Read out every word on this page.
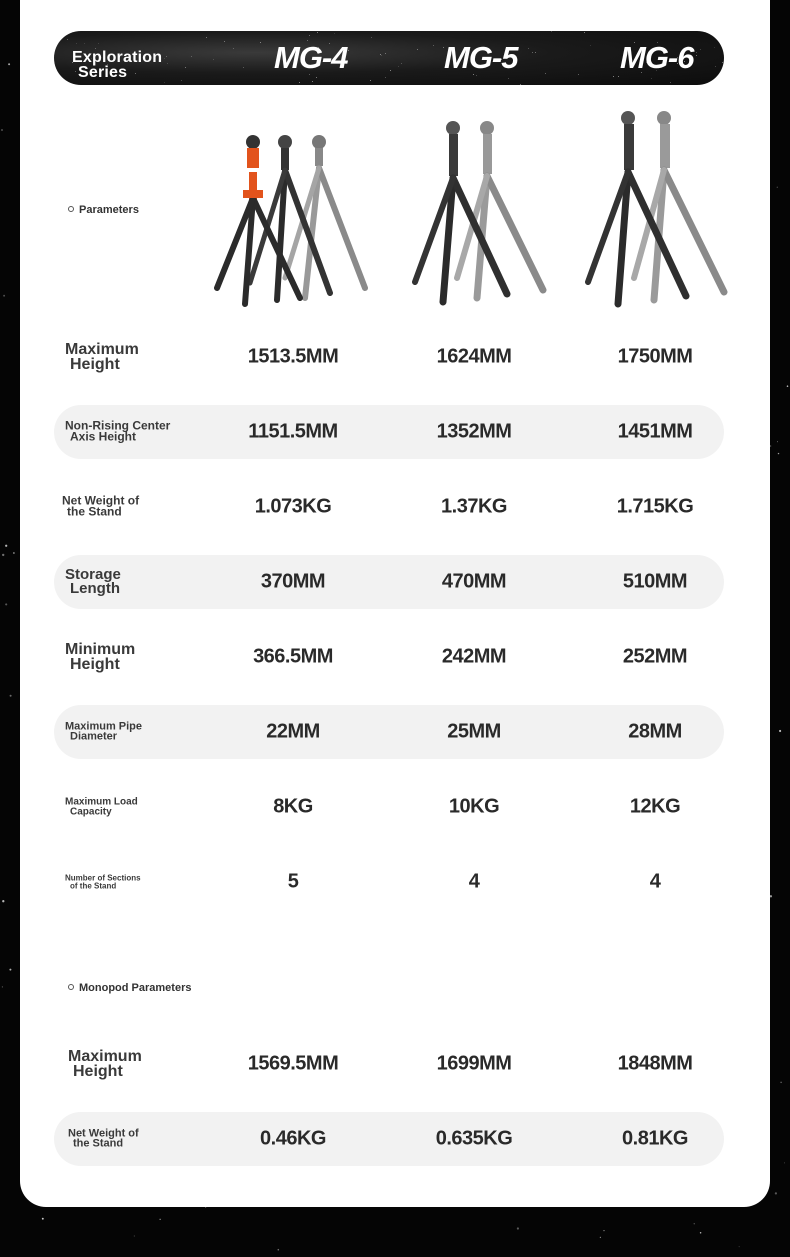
Exploration
Series	MG-4	MG-5	MG-6
Parameters
Maximum
Height	1513.5MM	1624MM	1750MM
Non-Rising Center
Axis Height	1151.5MM	1352MM	1451MM
Net Weight of
the Stand	1.073KG	1.37KG	1.715KG
Storage
Length	370MM	470MM	510MM
Minimum
Height	366.5MM	242MM	252MM
Maximum Pipe
Diameter	22MM	25MM	28MM
Maximum Load
Capacity	8KG	10KG	12KG
Number of Sections
of the Stand	5	4	4
Monopod Parameters
Maximum
Height	1569.5MM	1699MM	1848MM
Net Weight of
the Stand	0.46KG	0.635KG	0.81KG
